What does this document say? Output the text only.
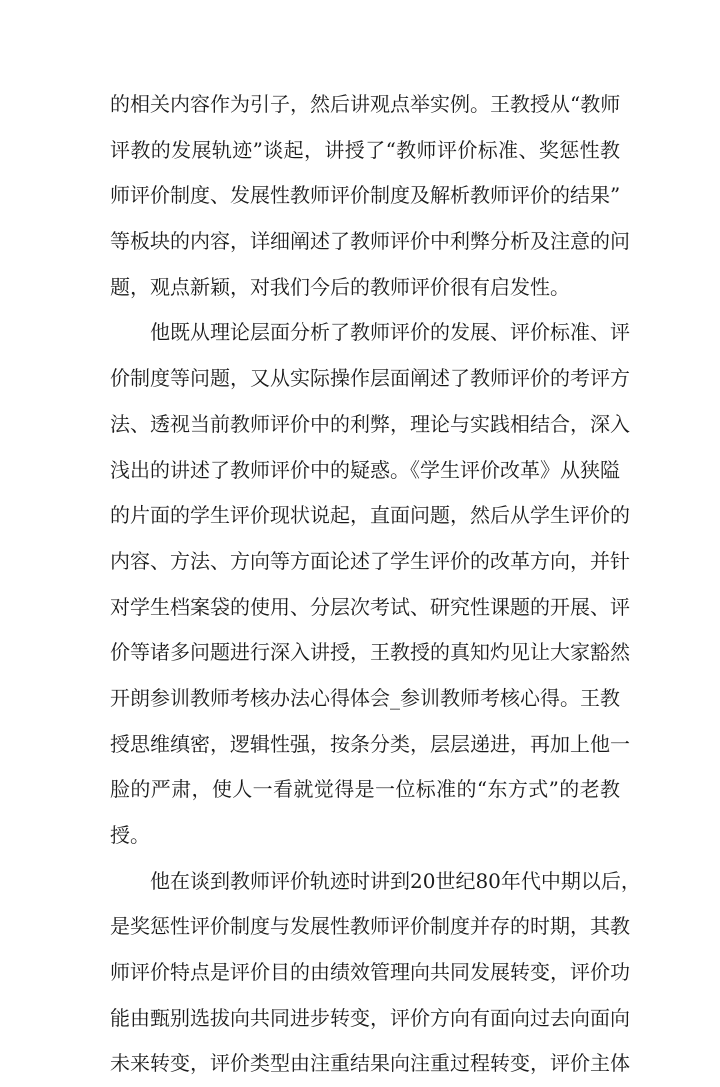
的相关内容作为引子，然后讲观点举实例。王教授从“教师
评教的发展轨迹”谈起，讲授了“教师评价标准、奖惩性教
师评价制度、发展性教师评价制度及解析教师评价的结果”
等板块的内容，详细阐述了教师评价中利弊分析及注意的问
题，观点新颖，对我们今后的教师评价很有启发性。

他既从理论层面分析了教师评价的发展、评价标准、评
价制度等问题，又从实际操作层面阐述了教师评价的考评方
法、透视当前教师评价中的利弊，理论与实践相结合，深入
浅出的讲述了教师评价中的疑惑。《学生评价改革》从狭隘
的片面的学生评价现状说起，直面问题，然后从学生评价的
内容、方法、方向等方面论述了学生评价的改革方向，并针
对学生档案袋的使用、分层次考试、研究性课题的开展、评
价等诸多问题进行深入讲授，王教授的真知灼见让大家豁然
开朗参训教师考核办法心得体会_参训教师考核心得。王教
授思维缜密，逻辑性强，按条分类，层层递进，再加上他一
脸的严肃，使人一看就觉得是一位标准的“东方式”的老教
授。

他在谈到教师评价轨迹时讲到20世纪80年代中期以后，
是奖惩性评价制度与发展性教师评价制度并存的时期，其教
师评价特点是评价目的由绩效管理向共同发展转变，评价功
能由甄别选拔向共同进步转变，评价方向有面向过去向面向
未来转变，评价类型由注重结果向注重过程转变，评价主体
